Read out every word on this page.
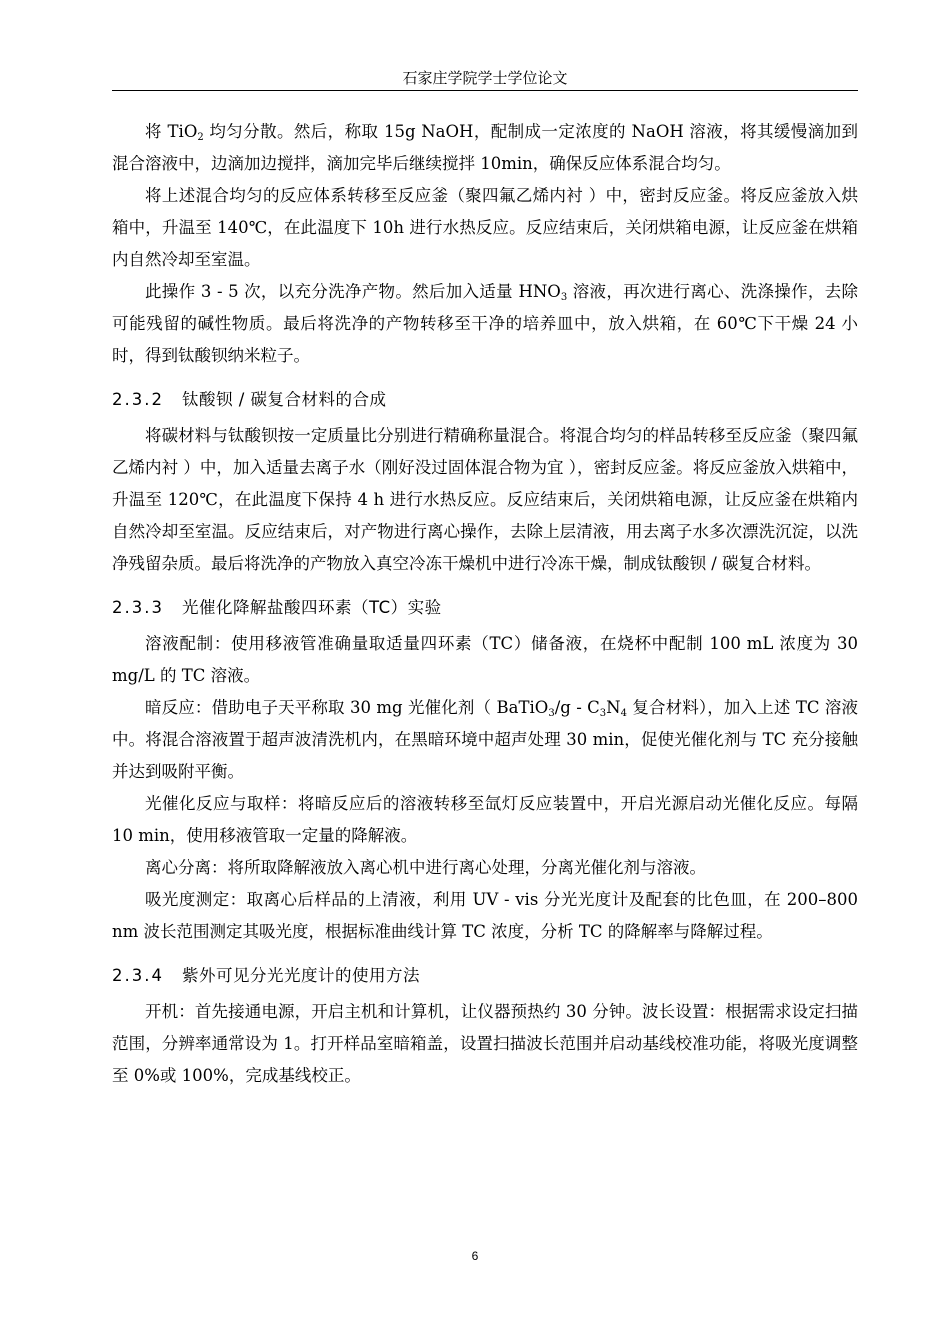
石家庄学院学士学位论文

将 TiO$_2$ 均匀分散。然后，称取 15g NaOH，配制成一定浓度的 NaOH 溶液，将其缓慢滴加到混合溶液中，边滴加边搅拌，滴加完毕后继续搅拌 10min，确保反应体系混合均匀。

将上述混合均匀的反应体系转移至反应釜（聚四氟乙烯内衬 ）中，密封反应釜。将反应釜放入烘箱中，升温至 140℃，在此温度下 10h 进行水热反应。反应结束后，关闭烘箱电源，让反应釜在烘箱内自然冷却至室温。

此操作 3 - 5 次，以充分洗净产物。然后加入适量 $HNO_3$ 溶液，再次进行离心、洗涤操作，去除可能残留的碱性物质。最后将洗净的产物转移至干净的培养皿中，放入烘箱，在 60℃下干燥 24 小时，得到钛酸钡纳米粒子。

2.3.2 钛酸钡 / 碳复合材料的合成

将碳材料与钛酸钡按一定质量比分别进行精确称量混合。将混合均匀的样品转移至反应釜（聚四氟乙烯内衬 ）中，加入适量去离子水（刚好没过固体混合物为宜 ），密封反应釜。将反应釜放入烘箱中，升温至 120℃，在此温度下保持 4 h 进行水热反应。反应结束后，关闭烘箱电源，让反应釜在烘箱内自然冷却至室温。反应结束后，对产物进行离心操作，去除上层清液，用去离子水多次漂洗沉淀，以洗净残留杂质。最后将洗净的产物放入真空冷冻干燥机中进行冷冻干燥，制成钛酸钡 / 碳复合材料。

2.3.3 光催化降解盐酸四环素（TC）实验

溶液配制：使用移液管准确量取适量四环素（TC）储备液，在烧杯中配制 100 mL 浓度为 30 mg/L 的 TC 溶液。

暗反应：借助电子天平称取 30 mg 光催化剂（ BaTiO$_3$/g - $C_3N_4$ 复合材料），加入上述 TC 溶液中。将混合溶液置于超声波清洗机内，在黑暗环境中超声处理 30 min，促使光催化剂与 TC 充分接触并达到吸附平衡。

光催化反应与取样：将暗反应后的溶液转移至氙灯反应装置中，开启光源启动光催化反应。每隔 10 min，使用移液管取一定量的降解液。

离心分离：将所取降解液放入离心机中进行离心处理，分离光催化剂与溶液。

吸光度测定：取离心后样品的上清液，利用 UV - vis 分光光度计及配套的比色皿，在 200–800 nm 波长范围测定其吸光度，根据标准曲线计算 TC 浓度，分析 TC 的降解率与降解过程。

2.3.4 紫外可见分光光度计的使用方法

开机：首先接通电源，开启主机和计算机，让仪器预热约 30 分钟。波长设置：根据需求设定扫描范围，分辨率通常设为 1。打开样品室暗箱盖，设置扫描波长范围并启动基线校准功能，将吸光度调整至 0%或 100%，完成基线校正。

6
